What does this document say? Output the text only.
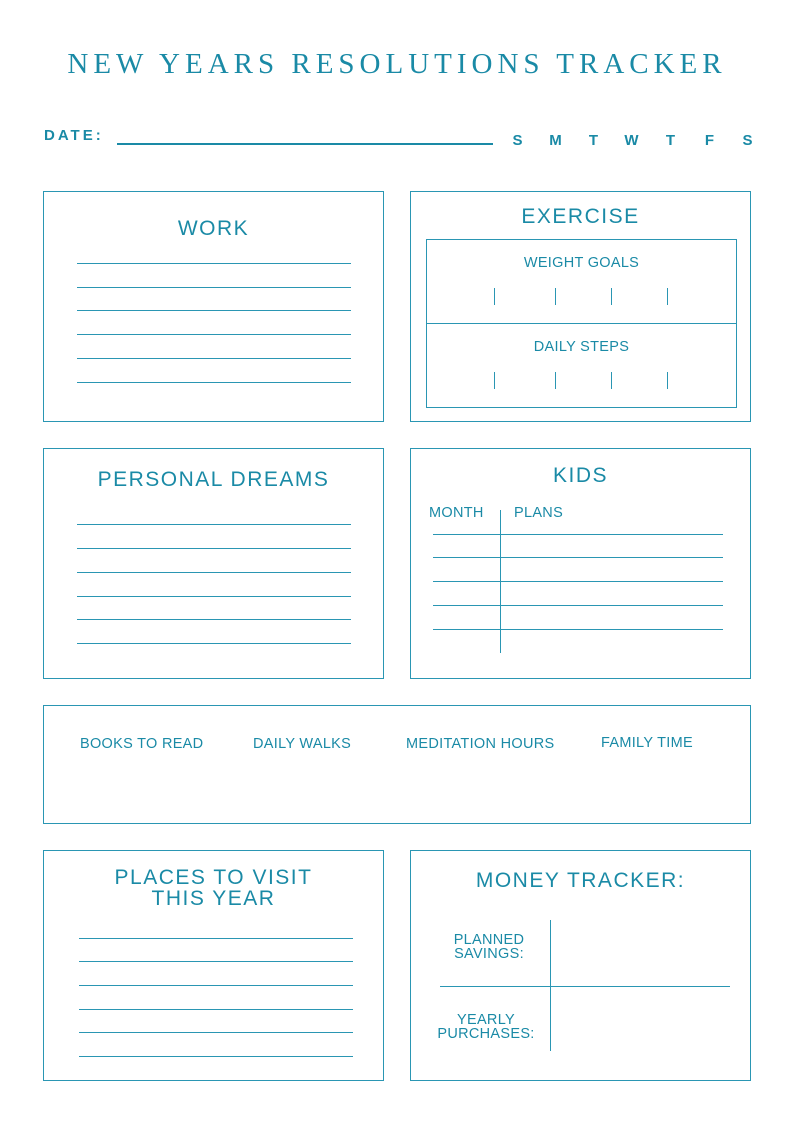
NEW YEARS RESOLUTIONS TRACKER
DATE:	S	M	T	W	T	F	S
WORK
EXERCISE
WEIGHT GOALS
DAILY STEPS
PERSONAL DREAMS	KIDS
MONTH PLANS
BOOKS TO READ	DAILY WALKS	MEDITATION HOURS	FAMILY TIME
PLACES TO VISIT
THIS YEAR
MONEY TRACKER:
PLANNED
SAVINGS:
YEARLY
PURCHASES:
